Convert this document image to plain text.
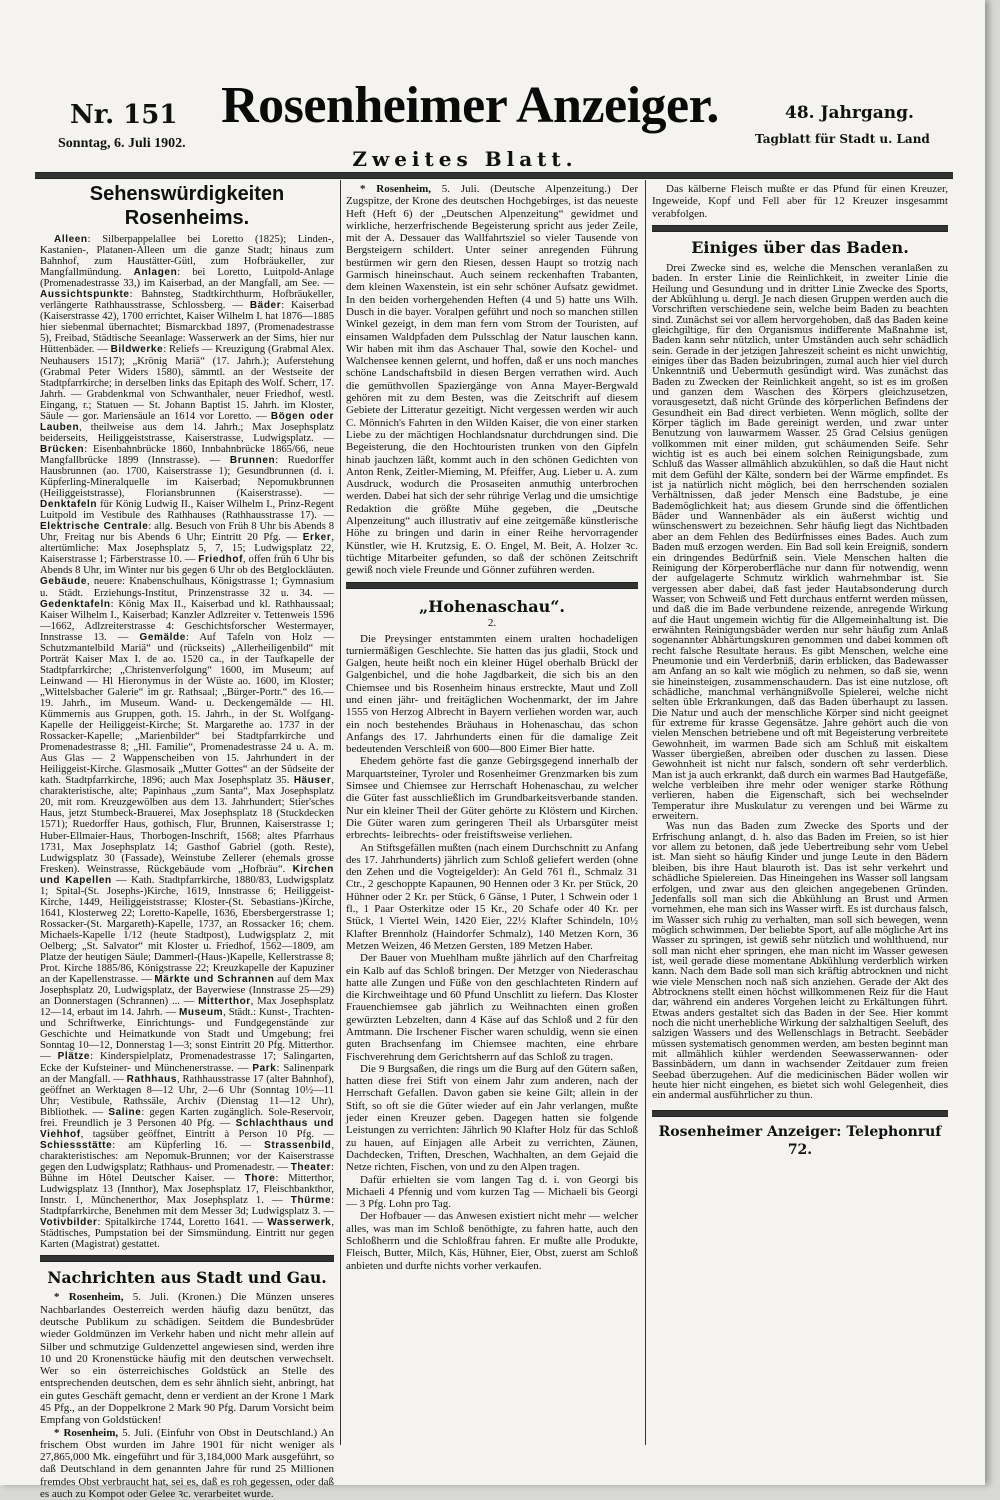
Nr. 151
Sonntag, 6. Juli 1902.
Rosenheimer Anzeiger.
Zweites Blatt.
48. Jahrgang.
Tagblatt für Stadt u. Land
Sehenswürdigkeiten Rosenheims.

Alleen: Silberpappelallee bei Loretto (1825); Linden-, Kastanien-, Platanen-Alleen um die ganze Stadt; hinaus zum Bahnhof, zum Haustätter-Gütl, zum Hofbräukeller, zur Mangfallmündung. Anlagen: bei Loretto, Luitpold-Anlage (Promenadestrasse 33,) im Kaiserbad, an der Mangfall, am See. — Aussichtspunkte: Bahnsteg, Stadtkirchthurm, Hofbräukeller, verlängerte Rathhausstrasse, Schlossberg. — Bäder: Kaiserbad (Kaiserstrasse 42), 1700 errichtet, Kaiser Wilhelm I. hat 1876—1885 hier siebenmal übernachtet; Bismarckbad 1897, (Promenadestrasse 5), Freibad, Städtische Seeanlage: Wasserwerk an der Sims, hier nur Hüttenbäder. — Bildwerke: Reliefs — Kreuzigung (Grabmal Alex. Neuhausers 1517); „Krönig Mariä“ (17. Jahrh.); Auferstehung (Grabmal Peter Widers 1580), sämmtl. an der Westseite der Stadtpfarrkirche; in derselben links das Epitaph des Wolf. Scherr, 17. Jahrh. — Grabdenkmal von Schwanthaler, neuer Friedhof, westl. Eingang, r.; Statuen — St. Johann Baptist 15. Jahrh. im Kloster, Säule — gor. Mariensäule an 1614 vor Loretto. — Bögen oder Lauben, theilweise aus dem 14. Jahrh.; Max Josephsplatz beiderseits, Heiliggeiststrasse, Kaiserstrasse, Ludwigsplatz. — Brücken: Eisenbahnbrücke 1860, Innbahnbrücke 1865/66, neue Mangfallbrücke 1899 (Innstrasse). — Brunnen: Ruedorffer Hausbrunnen (ao. 1700, Kaiserstrasse 1); Gesundbrunnen (d. i. Küpferling-Mineralquelle im Kaiserbad; Nepomukbrunnen (Heiliggeiststrasse), Floriansbrunnen (Kaiserstrasse). — Denktafeln für König Ludwig II., Kaiser Wilhelm I., Prinz-Regent Luitpold im Vestibule des Rathhauses (Rathhausstrasse 17). — Elektrische Centrale: allg. Besuch von Früh 8 Uhr bis Abends 8 Uhr, Freitag nur bis Abends 6 Uhr; Eintritt 20 Pfg. — Erker, altertümliche: Max Josephsplatz 5, 7, 15; Ludwigsplatz 22, Kaiserstrasse 1; Färberstrasse 10. — Friedhof, offen früh 6 Uhr bis Abends 8 Uhr, im Winter nur bis gegen 6 Uhr ob des Betglockläuten. Gebäude, neuere: Knabenschulhaus, Königstrasse 1; Gymnasium u. Städt. Erziehungs-Institut, Prinzenstrasse 32 u. 34. — Gedenktafeln: König Max II., Kaiserbad und kl. Rathhaussaal; Kaiser Wilhelm I., Kaiserbad; Kanzler Adlzreiter v. Tettenweis 1596—1662, Adlzreiterstrasse 4: Geschichtsforscher Westermayer, Innstrasse 13. — Gemälde: Auf Tafeln von Holz — Schutzmantelbild Mariä“ und (rückseits) „Allerheiligenbild“ mit Porträt Kaiser Max I. de ao. 1520 ca., in der Taufkapelle der Stadtpfarrkirche; „Christenverfolgung“ 1600, im Museum; auf Leinwand — Hl Hieronymus in der Wüste ao. 1600, im Kloster; „Wittelsbacher Galerie“ im gr. Rathsaal; „Bürger-Portr.“ des 16.—19. Jahrh., im Museum. Wand- u. Deckengemälde — Hl. Kümmernis aus Gruppen, goth. 15. Jahrh., in der St. Wolfgang-Kapelle der Heiliggeist-Kirche; St. Margarethe ao. 1737 in der Rossacker-Kapelle; „Marienbilder“ bei Stadtpfarrkirche und Promenadestrasse 8; „Hl. Familie“, Promenadestrasse 24 u. A. m. Aus Glas — 2 Wappenscheiben von 15. Jahrhundert in der Heiliggeist-Kirche. Glasmosaik „Mutter Gottes“ an der Südseite der kath. Stadtpfarrkirche, 1896; auch Max Josephsplatz 35. Häuser, charakteristische, alte; Papinhaus „zum Santa“, Max Josephsplatz 20, mit rom. Kreuzgewölben aus dem 13. Jahrhundert; Stier'sches Haus, jetzt Stumbeck-Brauerei, Max Josephsplatz 18 (Stuckdecken 1571); Ruedorffer Haus, gothisch, Flur, Brunnen, Kaiserstrasse 1; Huber-Ellmaier-Haus, Thorbogen-Inschrift, 1568; altes Pfarrhaus 1731, Max Josephsplatz 14; Gasthof Gabriel (goth. Reste), Ludwigsplatz 30 (Fassade), Weinstube Zellerer (ehemals grosse Fresken). Weinstrasse, Rückgebäude vom „Hofbräu“. Kirchen und Kapellen — Kath. Stadtpfarrkirche, 1880/83, Ludwigsplatz 1; Spital-(St. Josephs-)Kirche, 1619, Innstrasse 6; Heiliggeist-Kirche, 1449, Heiliggeiststrasse; Kloster-(St. Sebastians-)Kirche, 1641, Klosterweg 22; Loretto-Kapelle, 1636, Ebersbergerstrasse 1; Rossacker-(St. Margareth)-Kapelle, 1737, an Rossacker 16; chem. Michaels-Kapelle 1/12 (heute Stadtpost), Ludwigsplatz 2, mit Oelberg; „St. Salvator“ mit Kloster u. Friedhof, 1562—1809, am Platze der heutigen Säule; Dammerl-(Haus-)Kapelle, Kellerstrasse 8; Prot. Kirche 1885/86, Königstrasse 22; Kreuzkapelle der Kapuziner an der Kapellenstrasse. — Märkte und Schrannen auf dem Max Josephsplatz 20, Ludwigsplatz, der Bayerwiese (Innstrasse 25—29) an Donnerstagen (Schrannen) ... — Mitterthor, Max Josephsplatz 12—14, erbaut im 14. Jahrh. — Museum, Städt.: Kunst-, Trachten- und Schriftwerke, Einrichtungs- und Fundgegenstände zur Geschichte und Heimatkunde von Stadt und Umgebung; frei Sonntag 10—12, Donnerstag 1—3; sonst Eintritt 20 Pfg. Mitterthor. — Plätze: Kinderspielplatz, Promenadestrasse 17; Salingarten, Ecke der Kufsteiner- und Münchenerstrasse. — Park: Salinenpark an der Mangfall. — Rathhaus, Rathhausstrasse 17 (alter Bahnhof), geöffnet an Werktagen 8—12 Uhr, 2—6 Uhr (Sonntag 10½—11 Uhr; Vestibule, Rathssäle, Archiv (Dienstag 11—12 Uhr), Bibliothek. — Saline: gegen Karten zugänglich. Sole-Reservoir, frei. Freundlich je 3 Personen 40 Pfg. — Schlachthaus und Viehhof, tagsüber geöffnet, Eintritt à Person 10 Pfg. — Schiessstätte: am Küpferling 16. — Strassenbild, charakteristisches: am Nepomuk-Brunnen; vor der Kaiserstrasse gegen den Ludwigsplatz; Rathhaus- und Promenadestr. — Theater: Bühne im Hôtel Deutscher Kaiser. — Thore: Mitterthor, Ludwigsplatz 13 (Innthor), Max Josephsplatz 17, Fleischbankthor, Innstr. 1, Münchenerthor, Max Josephsplatz 1. — Thürme: Stadtpfarrkirche, Benehmen mit dem Messer 3d; Ludwigsplatz 3. — Votivbilder: Spitalkirche 1744, Loretto 1641. — Wasserwerk, Städtisches, Pumpstation bei der Simsmündung. Eintritt nur gegen Karten (Magistrat) gestattet.

Nachrichten aus Stadt und Gau.

* Rosenheim, 5. Juli. (Kronen.) Die Münzen unseres Nachbarlandes Oesterreich werden häufig dazu benützt, das deutsche Publikum zu schädigen. Seitdem die Bundesbrüder wieder Goldmünzen im Verkehr haben und nicht mehr allein auf Silber und schmutzige Guldenzettel angewiesen sind, werden ihre 10 und 20 Kronenstücke häufig mit den deutschen verwechselt. Wer so ein österreichisches Goldstück an Stelle des entsprechenden deutschen, dem es sehr ähnlich sieht, anbringt, hat ein gutes Geschäft gemacht, denn er verdient an der Krone 1 Mark 45 Pfg., an der Doppelkrone 2 Mark 90 Pfg. Darum Vorsicht beim Empfang von Goldstücken!

* Rosenheim, 5. Juli. (Einfuhr von Obst in Deutschland.) An frischem Obst wurden im Jahre 1901 für nicht weniger als 27,865,000 Mk. eingeführt und für 3,184,000 Mark ausgeführt, so daß Deutschland in dem genannten Jahre für rund 25 Millionen fremdes Obst verbraucht hat, sei es, daß es roh gegessen, oder daß es auch zu Kompot oder Gelee ꝛc. verarbeitet wurde.

* Rosenheim, 5. Juli. (Deutsche Alpenzeitung.) Der Zugspitze, der Krone des deutschen Hochgebirges, ist das neueste Heft (Heft 6) der „Deutschen Alpenzeitung“ gewidmet und wirkliche, herzerfrischende Begeisterung spricht aus jeder Zeile, mit der A. Dessauer das Wallfahrtsziel so vieler Tausende von Bergsteigern schildert. Unter seiner anregenden Führung bestürmen wir gern den Riesen, dessen Haupt so trotzig nach Garmisch hineinschaut. Auch seinem reckenhaften Trabanten, dem kleinen Waxenstein, ist ein sehr schöner Aufsatz gewidmet. In den beiden vorhergehenden Heften (4 und 5) hatte uns Wilh. Dusch in die bayer. Voralpen geführt und noch so manchen stillen Winkel gezeigt, in dem man fern vom Strom der Touristen, auf einsamen Waldpfaden dem Pulsschlag der Natur lauschen kann. Wir haben mit ihm das Aschauer Thal, sowie den Kochel- und Walchensee kennen gelernt, und hoffen, daß er uns noch manches schöne Landschaftsbild in diesen Bergen verrathen wird. Auch die gemüthvollen Spaziergänge von Anna Mayer-Bergwald gehören mit zu dem Besten, was die Zeitschrift auf diesem Gebiete der Litteratur gezeitigt. Nicht vergessen werden wir auch C. Mönnich's Fahrten in den Wilden Kaiser, die von einer starken Liebe zu der mächtigen Hochlandsnatur durchdrungen sind. Die Begeisterung, die den Hochtouristen trunken von den Gipfeln hinab jauchzen läßt, kommt auch in den schönen Gedichten von Anton Renk, Zeitler-Mieming, M. Pfeiffer, Aug. Lieber u. A. zum Ausdruck, wodurch die Prosaseiten anmuthig unterbrochen werden. Dabei hat sich der sehr rührige Verlag und die umsichtige Redaktion die größte Mühe gegeben, die „Deutsche Alpenzeitung“ auch illustrativ auf eine zeitgemäße künstlerische Höhe zu bringen und darin in einer Reihe hervorragender Künstler, wie H. Krutzsig, E. O. Engel, M. Beit, A. Holzer ꝛc. tüchtige Mitarbeiter gefunden, so daß der schönen Zeitschrift gewiß noch viele Freunde und Gönner zuführen werden.

„Hohenaschau“.
2.

Die Preysinger entstammten einem uralten hochadeligen turniermäßigen Geschlechte. Sie hatten das jus gladii, Stock und Galgen, heute heißt noch ein kleiner Hügel oberhalb Brückl der Galgenbichel, und die hohe Jagdbarkeit, die sich bis an den Chiemsee und bis Rosenheim hinaus erstreckte, Maut und Zoll und einen jähr- und freitäglichen Wochenmarkt, der im Jahre 1555 von Herzog Albrecht in Bayern verliehen worden war, auch ein noch bestehendes Bräuhaus in Hohenaschau, das schon Anfangs des 17. Jahrhunderts einen für die damalige Zeit bedeutenden Verschleiß von 600—800 Eimer Bier hatte.

Ehedem gehörte fast die ganze Gebirgsgegend innerhalb der Marquartsteiner, Tyroler und Rosenheimer Grenzmarken bis zum Simsee und Chiemsee zur Herrschaft Hohenaschau, zu welcher die Güter fast ausschließlich im Grundbarkeitsverbande standen. Nur ein kleiner Theil der Güter gehörte zu Klöstern und Kirchen. Die Güter waren zum geringeren Theil als Urbarsgüter meist erbrechts- leibrechts- oder freistiftsweise verliehen.

An Stiftsgefällen mußten (nach einem Durchschnitt zu Anfang des 17. Jahrhunderts) jährlich zum Schloß geliefert werden (ohne den Zehen und die Vogteigelder): An Geld 761 fl., Schmalz 31 Ctr., 2 geschoppte Kapaunen, 90 Hennen oder 3 Kr. per Stück, 20 Hühner oder 2 Kr. per Stück, 6 Gänse, 1 Puter, 1 Schwein oder 1 fl., 1 Paar Osterkitze oder 15 Kr., 20 Schafe oder 40 Kr. per Stück, 1 Viertel Wein, 1420 Eier, 22½ Klafter Schindeln, 10½ Klafter Brennholz (Haindorfer Schmalz), 140 Metzen Korn, 36 Metzen Weizen, 46 Metzen Gersten, 189 Metzen Haber.

Der Bauer von Muehlham mußte jährlich auf den Charfreitag ein Kalb auf das Schloß bringen. Der Metzger von Niederaschau hatte alle Zungen und Füße von den geschlachteten Rindern auf die Kirchweihtage und 60 Pfund Unschlitt zu liefern. Das Kloster Frauenchiemsee gab jährlich zu Weihnachten einen großen gewürzten Lebzelten, dann 4 Käse auf das Schloß und 2 für den Amtmann. Die Irschener Fischer waren schuldig, wenn sie einen guten Brachsenfang im Chiemsee machten, eine ehrbare Fischverehrung dem Gerichtsherrn auf das Schloß zu tragen.

Die 9 Burgsaßen, die rings um die Burg auf den Gütern saßen, hatten diese frei Stift von einem Jahr zum anderen, nach der Herrschaft Gefallen. Davon gaben sie keine Gilt; allein in der Stift, so oft sie die Güter wieder auf ein Jahr verlangen, mußte jeder einen Kreuzer geben. Dagegen hatten sie folgende Leistungen zu verrichten: Jährlich 90 Klafter Holz für das Schloß zu hauen, auf Einjagen alle Arbeit zu verrichten, Zäunen, Dachdecken, Triften, Dreschen, Wachhalten, an dem Gejaid die Netze richten, Fischen, von und zu den Alpen tragen.

Dafür erhielten sie vom langen Tag d. i. von Georgi bis Michaeli 4 Pfennig und vom kurzen Tag — Michaeli bis Georgi — 3 Pfg. Lohn pro Tag.

Der Hofbauer — das Anwesen existiert nicht mehr — welcher alles, was man im Schloß benöthigte, zu fahren hatte, auch den Schloßherrn und die Schloßfrau fahren. Er mußte alle Produkte, Fleisch, Butter, Milch, Käs, Hühner, Eier, Obst, zuerst am Schloß anbieten und durfte nichts vorher verkaufen.

Das kälberne Fleisch mußte er das Pfund für einen Kreuzer, Ingeweide, Kopf und Fell aber für 12 Kreuzer insgesammt verabfolgen.

Einiges über das Baden.

Drei Zwecke sind es, welche die Menschen veranlaßen zu baden. In erster Linie die Reinlichkeit, in zweiter Linie die Heilung und Gesundung und in dritter Linie Zwecke des Sports, der Abkühlung u. dergl. Je nach diesen Gruppen werden auch die Vorschriften verschiedene sein, welche beim Baden zu beachten sind. Zunächst sei vor allem hervorgehoben, daß das Baden keine gleichgiltige, für den Organismus indifferente Maßnahme ist, Baden kann sehr nützlich, unter Umständen auch sehr schädlich sein. Gerade in der jetzigen Jahreszeit scheint es nicht unwichtig, einiges über das Baden beizubringen, zumal auch hier viel durch Unkenntniß und Uebermuth gesündigt wird. Was zunächst das Baden zu Zwecken der Reinlichkeit angeht, so ist es im großen und ganzen dem Waschen des Körpers gleichzusetzen, vorausgesetzt, daß nicht Gründe des körperlichen Befindens der Gesundheit ein Bad direct verbieten. Wenn möglich, sollte der Körper täglich im Bade gereinigt werden, und zwar unter Benutzung von lauwarmem Wasser. 25 Grad Celsius genügen vollkommen mit einer milden, gut schäumenden Seife. Sehr wichtig ist es auch bei einem solchen Reinigungsbade, zum Schluß das Wasser allmählich abzukühlen, so daß die Haut nicht mit dem Gefühl der Kälte, sondern bei der Wärme empfindet. Es ist ja natürlich nicht möglich, bei den herrschenden sozialen Verhältnissen, daß jeder Mensch eine Badstube, je eine Bademöglichkeit hat; aus diesem Grunde sind die öffentlichen Bäder und Wannenbäder als ein äußerst wichtig und wünschenswert zu bezeichnen. Sehr häufig liegt das Nichtbaden aber an dem Fehlen des Bedürfnisses eines Bades. Auch zum Baden muß erzogen werden. Ein Bad soll kein Ereigniß, sondern ein dringendes Bedürfniß sein. Viele Menschen halten die Reinigung der Körperoberfläche nur dann für notwendig, wenn der aufgelagerte Schmutz wirklich wahrnehmbar ist. Sie vergessen aber dabei, daß fast jeder Hautabsonderung durch Wasser, von Schweiß und Fett durchaus entfernt werden müssen, und daß die im Bade verbundene reizende, anregende Wirkung auf die Haut ungemein wichtig für die Allgemeinhaltung ist. Die erwähnten Reinigungsbäder werden nur sehr häufig zum Anlaß sogenannter Abhärtungskuren genommen und dabei kommen oft recht falsche Resultate heraus. Es gibt Menschen, welche eine Pneumonie und ein Verderbniß, darin erblicken, das Badewasser am Anfang an so kalt wie möglich zu nehmen, so daß sie, wenn sie hineinsteigen, zusammenschaudern. Das ist eine nutzlose, oft schädliche, manchmal verhängnißvolle Spielerei, welche nicht selten üble Erkrankungen, daß das Baden überhaupt zu lassen. Die Natur und auch der menschliche Körper sind nicht geeignet für extreme für krasse Gegensätze. Jahre gehört auch die von vielen Menschen betriebene und oft mit Begeisterung verbreitete Gewohnheit, im warmen Bade sich am Schluß mit eiskaltem Wasser übergießen, abreiben oder duschen zu lassen. Diese Gewohnheit ist nicht nur falsch, sondern oft sehr verderblich. Man ist ja auch erkrankt, daß durch ein warmes Bad Hautgefäße, welche verbleiben ihre mehr oder weniger starke Röthung verlieren, haben die Eigenschaft, sich bei wechselnder Temperatur ihre Muskulatur zu verengen und bei Wärme zu erweitern.

Was nun das Baden zum Zwecke des Sports und der Erfrischung anlangt, d. h. also das Baden im Freien, so ist hier vor allem zu betonen, daß jede Uebertreibung sehr vom Uebel ist. Man sieht so häufig Kinder und junge Leute in den Bädern bleiben, bis ihre Haut blauroth ist. Das ist sehr verkehrt und schädliche Spielereien. Das Hineingehen ins Wasser soll langsam erfolgen, und zwar aus den gleichen angegebenen Gründen. Jedenfalls soll man sich die Abkühlung an Brust und Armen vornehmen, ehe man sich ins Wasser wirft. Es ist durchaus falsch, im Wasser sich ruhig zu verhalten, man soll sich bewegen, wenn möglich schwimmen. Der beliebte Sport, auf alle mögliche Art ins Wasser zu springen, ist gewiß sehr nützlich und wohlthuend, nur soll man nicht eher springen, ehe man nicht im Wasser gewesen ist, weil gerade diese momentane Abkühlung verderblich wirken kann. Nach dem Bade soll man sich kräftig abtrocknen und nicht wie viele Menschen noch naß sich anziehen. Gerade der Akt des Abtrocknens stellt einen höchst willkommenen Reiz für die Haut dar, während ein anderes Vorgehen leicht zu Erkältungen führt. Etwas anders gestaltet sich das Baden in der See. Hier kommt noch die nicht unerhebliche Wirkung der salzhaltigen Seeluft, des salzigen Wassers und des Wellenschlags in Betracht. Seebäder müssen systematisch genommen werden, am besten beginnt man mit allmählich kühler werdenden Seewasserwannen- oder Bassinbädern, um dann in wachsender Zeitdauer zum freien Seebad überzugehen. Auf die medicinischen Bäder wollen wir heute hier nicht eingehen, es bietet sich wohl Gelegenheit, dies ein andermal ausführlicher zu thun.

Rosenheimer Anzeiger: Telephonruf 72.
